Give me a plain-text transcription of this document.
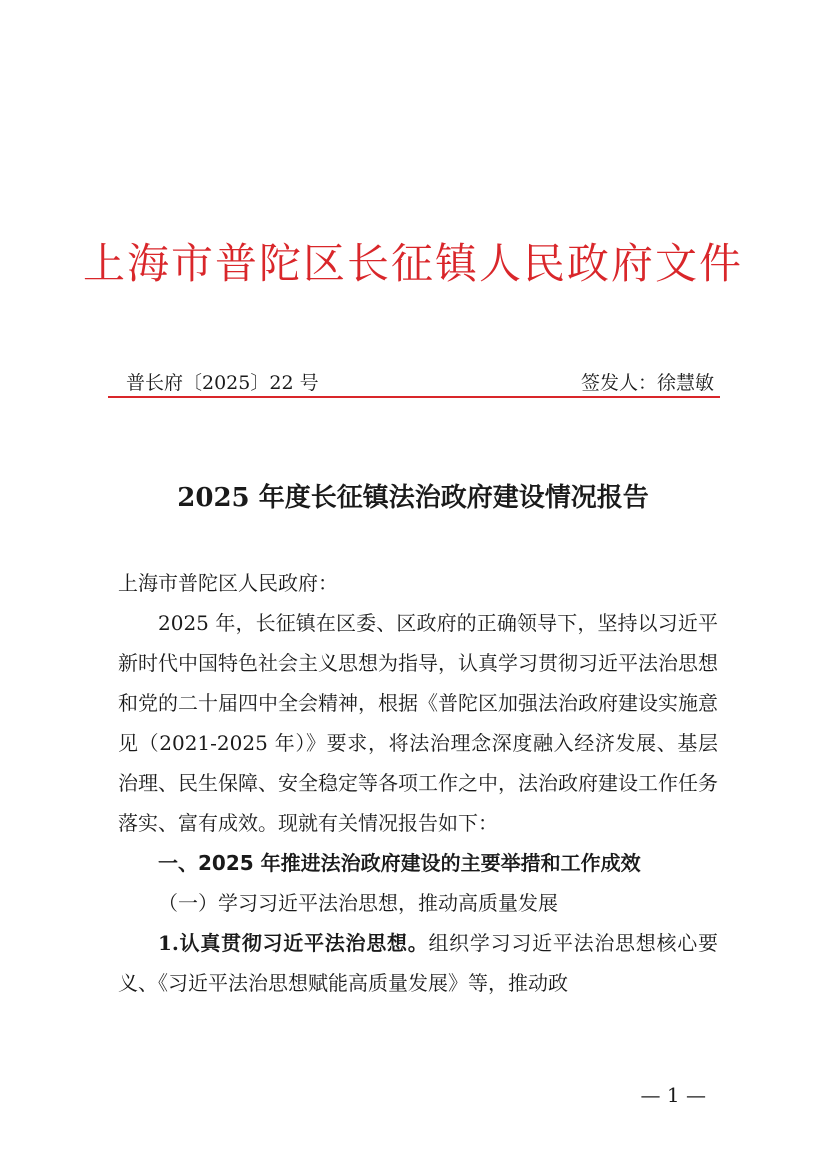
上海市普陀区长征镇人民政府文件
普长府〔2025〕22 号	签发人：徐慧敏
2025 年度长征镇法治政府建设情况报告

上海市普陀区人民政府：

2025 年，长征镇在区委、区政府的正确领导下，坚持以习近平新时代中国特色社会主义思想为指导，认真学习贯彻习近平法治思想和党的二十届四中全会精神，根据《普陀区加强法治政府建设实施意见（2021-2025 年）》要求，将法治理念深度融入经济发展、基层治理、民生保障、安全稳定等各项工作之中，法治政府建设工作任务落实、富有成效。现就有关情况报告如下：

一、2025 年推进法治政府建设的主要举措和工作成效

（一）学习习近平法治思想，推动高质量发展

1.认真贯彻习近平法治思想。组织学习习近平法治思想核心要义、《习近平法治思想赋能高质量发展》等，推动政

— 1 —
